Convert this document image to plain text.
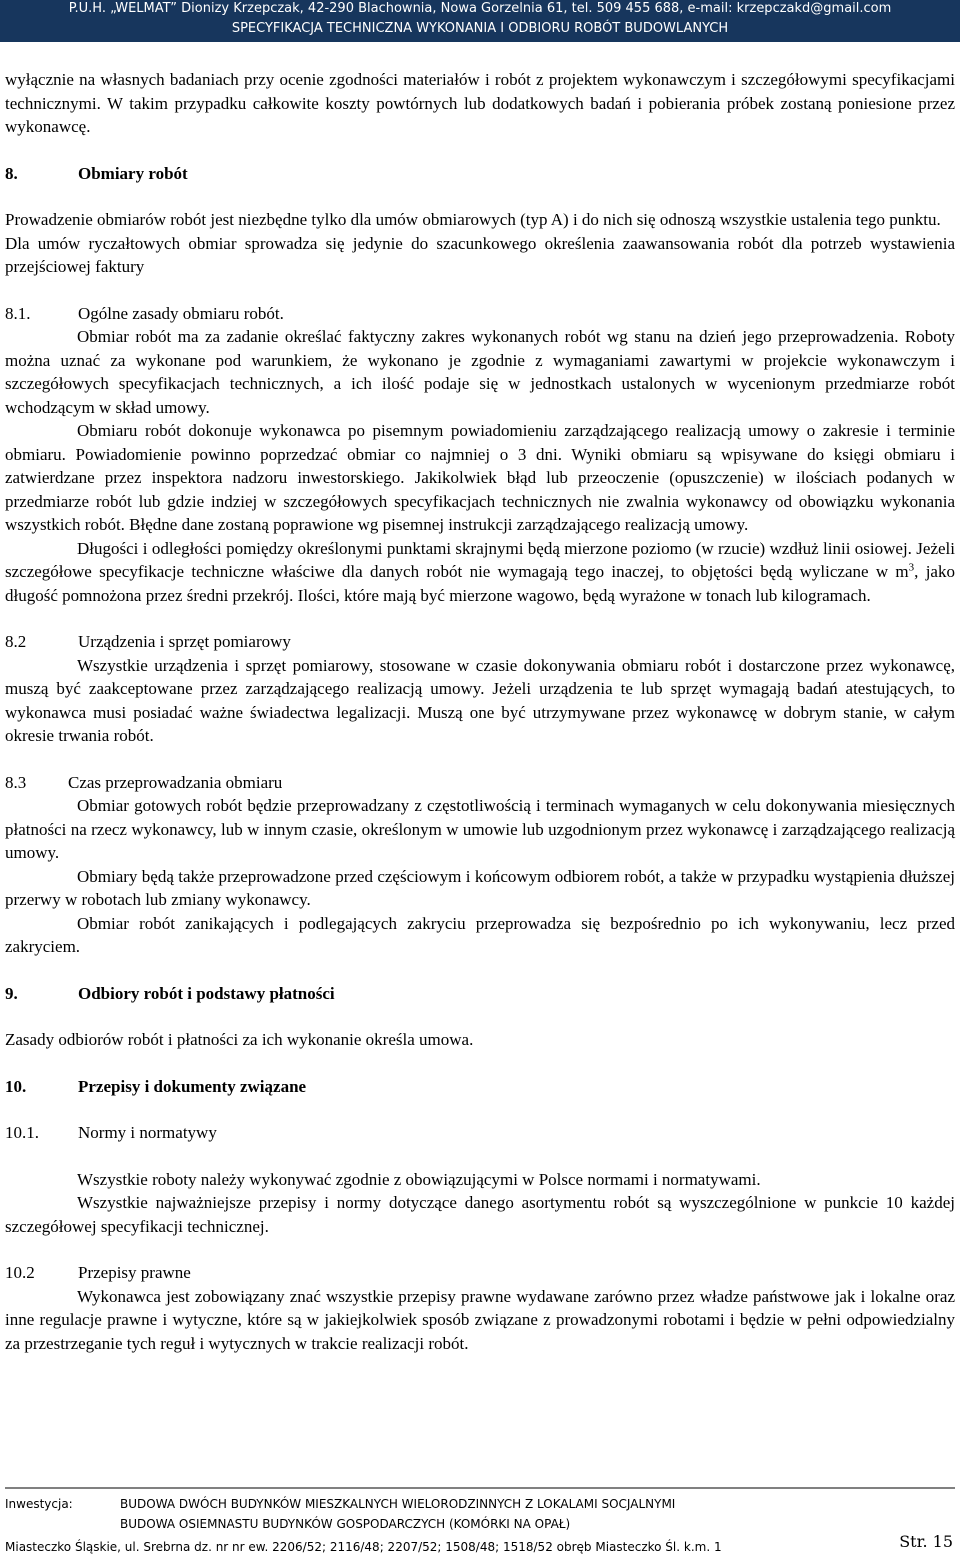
P.U.H. „WELMAT” Dionizy Krzepczak, 42-290 Blachownia, Nowa Gorzelnia 61, tel. 509 455 688, e-mail: krzepczakd@gmail.com
SPECYFIKACJA TECHNICZNA WYKONANIA I ODBIORU ROBÓT BUDOWLANYCH

wyłącznie na własnych badaniach przy ocenie zgodności materiałów i robót z projektem wykonawczym i szczegółowymi specyfikacjami technicznymi. W takim przypadku całkowite koszty powtórnych lub dodatkowych badań i pobierania próbek zostaną poniesione przez wykonawcę.

8.	Obmiary robót

Prowadzenie obmiarów robót jest niezbędne tylko dla umów obmiarowych (typ A) i do nich się odnoszą wszystkie ustalenia tego punktu.

Dla umów ryczałtowych obmiar sprowadza się jedynie do szacunkowego określenia zaawansowania robót dla potrzeb wystawienia przejściowej faktury

8.1.	Ogólne zasady obmiaru robót.

Obmiar robót ma za zadanie określać faktyczny zakres wykonanych robót wg stanu na dzień jego przeprowadzenia. Roboty można uznać za wykonane pod warunkiem, że wykonano je zgodnie z wymaganiami zawartymi w projekcie wykonawczym i szczegółowych specyfikacjach technicznych, a ich ilość podaje się w jednostkach ustalonych w wycenionym przedmiarze robót wchodzącym w skład umowy.

Obmiaru robót dokonuje wykonawca po pisemnym powiadomieniu zarządzającego realizacją umowy o zakresie i terminie obmiaru. Powiadomienie powinno poprzedzać obmiar co najmniej o 3 dni. Wyniki obmiaru są wpisywane do księgi obmiaru i zatwierdzane przez inspektora nadzoru inwestorskiego. Jakikolwiek błąd lub przeoczenie (opuszczenie) w ilościach podanych w przedmiarze robót lub gdzie indziej w szczegółowych specyfikacjach technicznych nie zwalnia wykonawcy od obowiązku wykonania wszystkich robót. Błędne dane zostaną poprawione wg pisemnej instrukcji zarządzającego realizacją umowy.

Długości i odległości pomiędzy określonymi punktami skrajnymi będą mierzone poziomo (w rzucie) wzdłuż linii osiowej. Jeżeli szczegółowe specyfikacje techniczne właściwe dla danych robót nie wymagają tego inaczej, to objętości będą wyliczane w $m^3$, jako długość pomnożona przez średni przekrój. Ilości, które mają być mierzone wagowo, będą wyrażone w tonach lub kilogramach.

8.2	Urządzenia i sprzęt pomiarowy

Wszystkie urządzenia i sprzęt pomiarowy, stosowane w czasie dokonywania obmiaru robót i dostarczone przez wykonawcę, muszą być zaakceptowane przez zarządzającego realizacją umowy. Jeżeli urządzenia te lub sprzęt wymagają badań atestujących, to wykonawca musi posiadać ważne świadectwa legalizacji. Muszą one być utrzymywane przez wykonawcę w dobrym stanie, w całym okresie trwania robót.

8.3 Czas przeprowadzania obmiaru

Obmiar gotowych robót będzie przeprowadzany z częstotliwością i terminach wymaganych w celu dokonywania miesięcznych płatności na rzecz wykonawcy, lub w innym czasie, określonym w umowie lub uzgodnionym przez wykonawcę i zarządzającego realizacją umowy.

Obmiary będą także przeprowadzone przed częściowym i końcowym odbiorem robót, a także w przypadku wystąpienia dłuższej przerwy w robotach lub zmiany wykonawcy.

Obmiar robót zanikających i podlegających zakryciu przeprowadza się bezpośrednio po ich wykonywaniu, lecz przed zakryciem.

9.	Odbiory robót i podstawy płatności

Zasady odbiorów robót i płatności za ich wykonanie określa umowa.

10.	Przepisy i dokumenty związane

10.1. Normy i normatywy

Wszystkie roboty należy wykonywać zgodnie z obowiązującymi w Polsce normami i normatywami.

Wszystkie najważniejsze przepisy i normy dotyczące danego asortymentu robót są wyszczególnione w punkcie 10 każdej szczegółowej specyfikacji technicznej.

10.2	Przepisy prawne

Wykonawca jest zobowiązany znać wszystkie przepisy prawne wydawane zarówno przez władze państwowe jak i lokalne oraz inne regulacje prawne i wytyczne, które są w jakiejkolwiek sposób związane z prowadzonymi robotami i będzie w pełni odpowiedzialny za przestrzeganie tych reguł i wytycznych w trakcie realizacji robót.

Inwestycja:	BUDOWA DWÓCH BUDYNKÓW MIESZKALNYCH WIELORODZINNYCH Z LOKALAMI SOCJALNYMI
BUDOWA OSIEMNASTU BUDYNKÓW GOSPODARCZYCH (KOMÓRKI NA OPAŁ)
Miasteczko Śląskie, ul. Srebrna dz. nr nr ew. 2206/52; 2116/48; 2207/52; 1508/48; 1518/52 obręb Miasteczko Śl. k.m. 1	Str. 15
